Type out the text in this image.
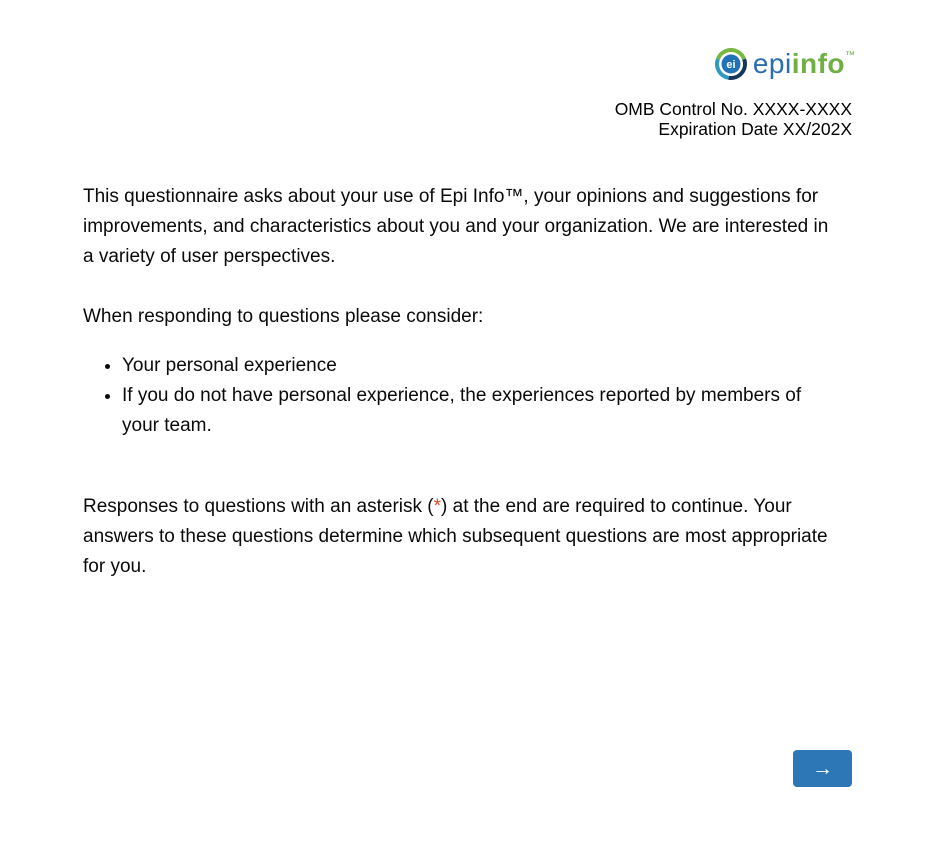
ei epi info ™
OMB Control No. XXXX-XXXX
Expiration Date XX/202X

This questionnaire asks about your use of Epi Info™, your opinions and suggestions for improvements, and characteristics about you and your organization. We are interested in a variety of user perspectives.

When responding to questions please consider:

• Your personal experience
• If you do not have personal experience, the experiences reported by members of your team.

Responses to questions with an asterisk (*) at the end are required to continue. Your answers to these questions determine which subsequent questions are most appropriate for you.

→
